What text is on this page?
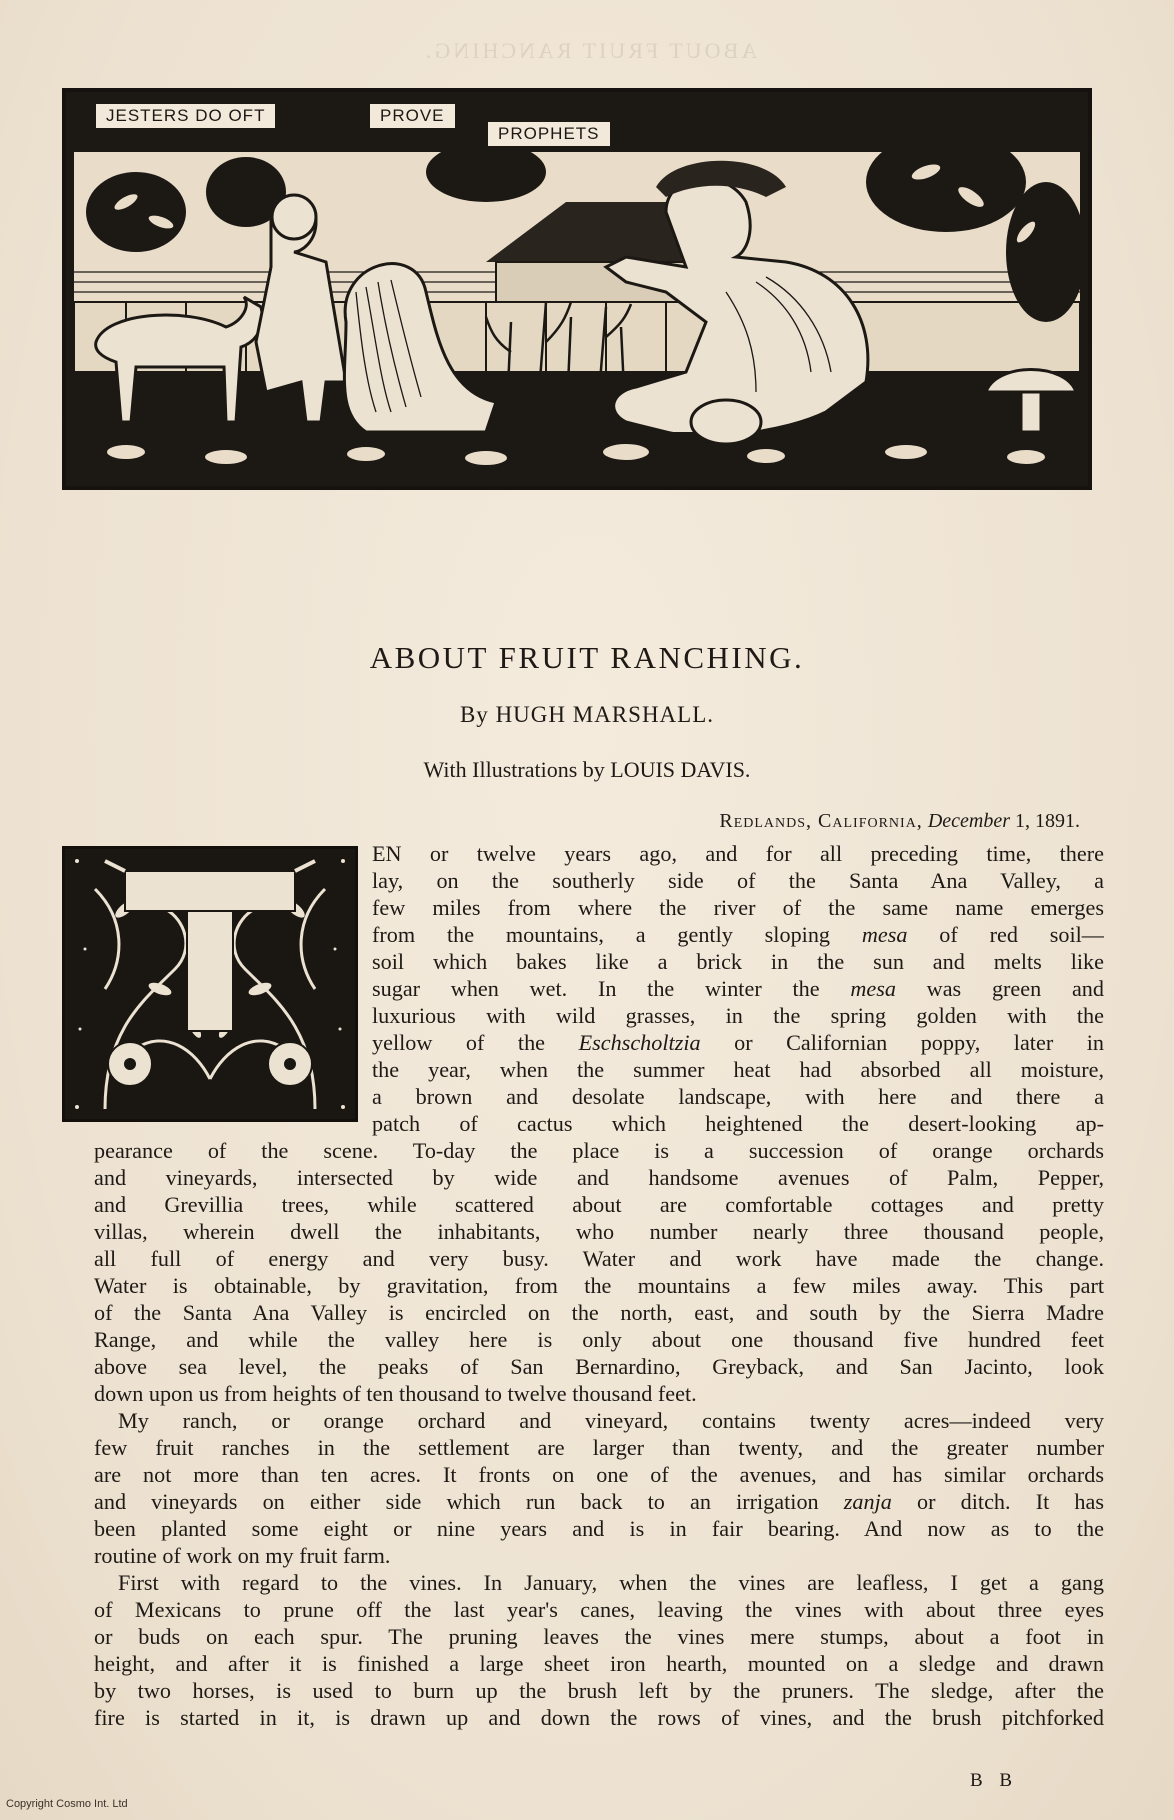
ABOUT FRUIT RANCHING.
JESTERS DO OFT	PROVE
PROPHETS
ABOUT FRUIT RANCHING.
By HUGH MARSHALL.
With Illustrations by LOUIS DAVIS.
Redlands, California, December 1, 1891.
EN or twelve years ago, and for all preceding time, there
lay, on the southerly side of the Santa Ana Valley, a
few miles from where the river of the same name emerges
from the mountains, a gently sloping mesa of red soil—
soil which bakes like a brick in the sun and melts like
sugar when wet. In the winter the mesa was green and
luxurious with wild grasses, in the spring golden with the
yellow of the Eschscholtzia or Californian poppy, later in
the year, when the summer heat had absorbed all moisture,
a brown and desolate landscape, with here and there a
patch of cactus which heightened the desert-looking ap-
pearance of the scene. To-day the place is a succession of orange orchards
and vineyards, intersected by wide and handsome avenues of Palm, Pepper,
and Grevillia trees, while scattered about are comfortable cottages and pretty
villas, wherein dwell the inhabitants, who number nearly three thousand people,
all full of energy and very busy. Water and work have made the change.
Water is obtainable, by gravitation, from the mountains a few miles away. This part
of the Santa Ana Valley is encircled on the north, east, and south by the Sierra Madre
Range, and while the valley here is only about one thousand five hundred feet
above sea level, the peaks of San Bernardino, Greyback, and San Jacinto, look
down upon us from heights of ten thousand to twelve thousand feet.
My ranch, or orange orchard and vineyard, contains twenty acres—indeed very
few fruit ranches in the settlement are larger than twenty, and the greater number
are not more than ten acres. It fronts on one of the avenues, and has similar orchards
and vineyards on either side which run back to an irrigation zanja or ditch. It has
been planted some eight or nine years and is in fair bearing. And now as to the
routine of work on my fruit farm.
First with regard to the vines. In January, when the vines are leafless, I get a gang
of Mexicans to prune off the last year's canes, leaving the vines with about three eyes
or buds on each spur. The pruning leaves the vines mere stumps, about a foot in
height, and after it is finished a large sheet iron hearth, mounted on a sledge and drawn
by two horses, is used to burn up the brush left by the pruners. The sledge, after the
fire is started in it, is drawn up and down the rows of vines, and the brush pitchforked
B B
Copyright Cosmo Int. Ltd
